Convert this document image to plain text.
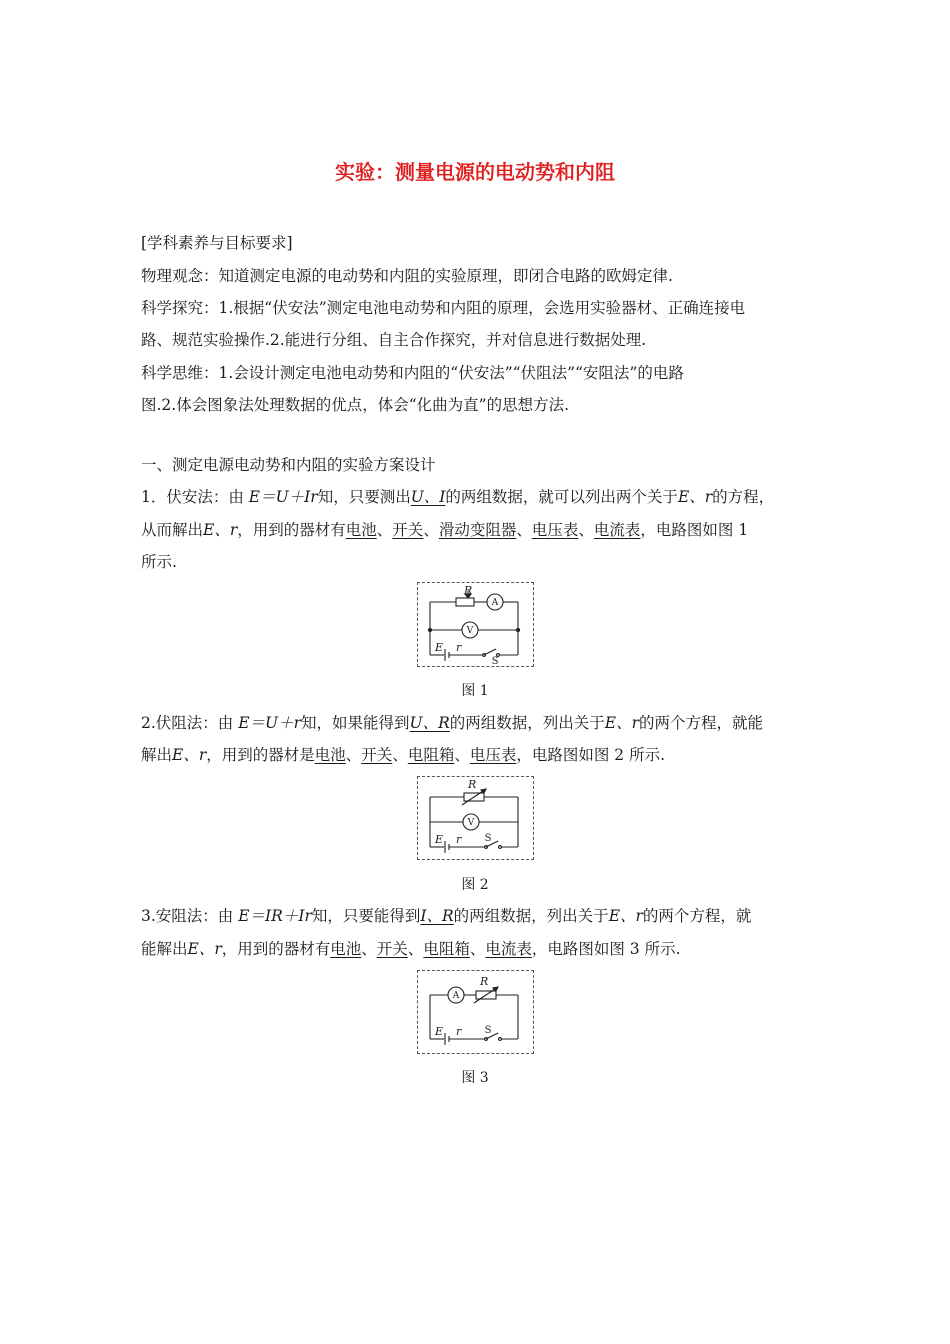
实验：测量电源的电动势和内阻
[学科素养与目标要求]
物理观念：知道测定电源的电动势和内阻的实验原理，即闭合电路的欧姆定律.
科学探究：1.根据“伏安法”测定电池电动势和内阻的原理，会选用实验器材、正确连接电
路、规范实验操作.2.能进行分组、自主合作探究，并对信息进行数据处理.
科学思维：1.会设计测定电池电动势和内阻的“伏安法”“伏阻法”“安阻法”的电路
图.2.体会图象法处理数据的优点，体会“化曲为直”的思想方法.
一、测定电源电动势和内阻的实验方案设计
1．伏安法：由 E＝U＋Ir知，只要测出U、I的两组数据，就可以列出两个关于E、r的方程，
从而解出E、r，用到的器材有电池、开关、滑动变阻器、电压表、电流表，电路图如图 1
所示.
R
E r
A
V
S
图 1
2.伏阻法：由 E＝U＋r知，如果能得到U、R的两组数据，列出关于E、r的两个方程，就能
解出E、r，用到的器材是电池、开关、电阻箱、电压表，电路图如图 2 所示.
R
E r
V
S
图 2
3.安阻法：由 E＝IR＋Ir知，只要能得到I、R的两组数据，列出关于E、r的两个方程，就
能解出E、r，用到的器材有电池、开关、电阻箱、电流表，电路图如图 3 所示.
R
E r
A
S
图 3
